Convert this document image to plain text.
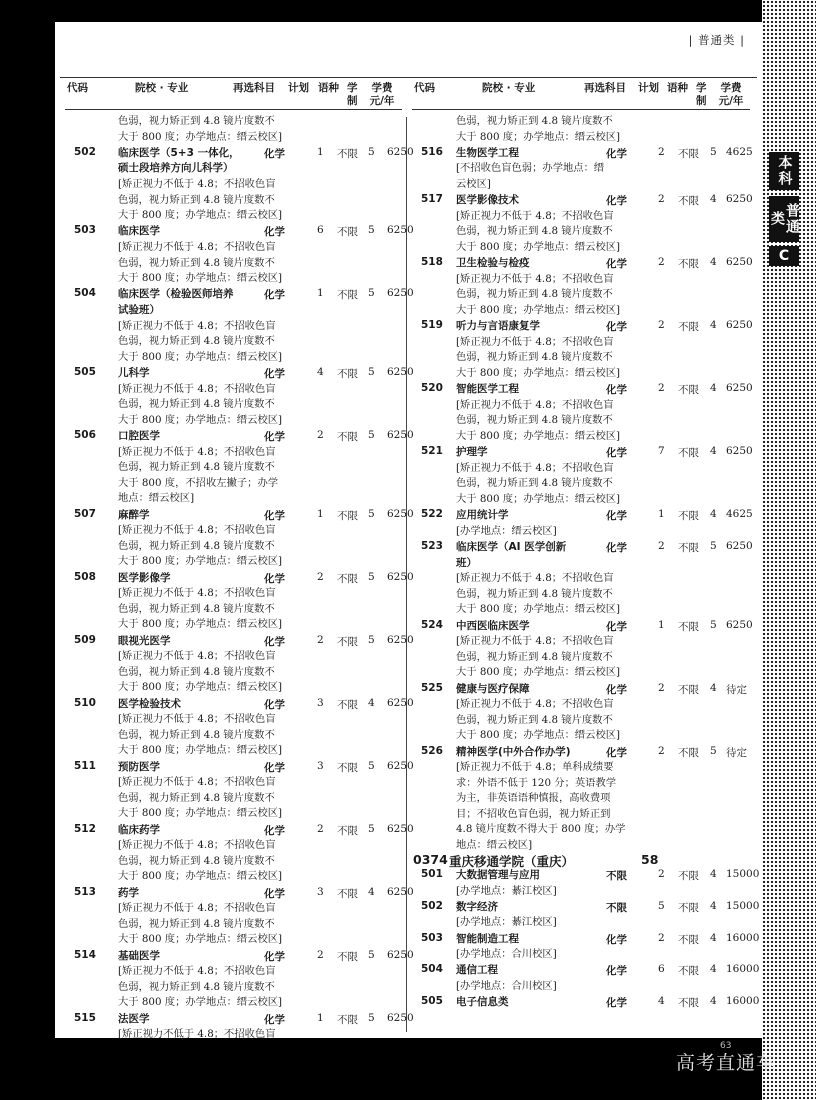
| 普通类 |
代码	院校 · 专业	再选科目 计划 语种 学制
学费 元/年
代码	院校 · 专业	再选科目 计划 语种 学制
学费 元/年
色弱，视力矫正到 4.8 镜片度数不
大于 800 度；办学地点：缙云校区]
502 临床医学（5+3 一体化，
硕士段培养方向儿科学）
化学	1 不限 5 6250
[矫正视力不低于 4.8；不招收色盲
色弱，视力矫正到 4.8 镜片度数不
大于 800 度；办学地点：缙云校区]
503 临床医学	化学	6 不限 5 6250
[矫正视力不低于 4.8；不招收色盲
色弱，视力矫正到 4.8 镜片度数不
大于 800 度；办学地点：缙云校区]
504 临床医学（检验医师培养
试验班）
化学	1 不限 5 6250
[矫正视力不低于 4.8；不招收色盲
色弱，视力矫正到 4.8 镜片度数不
大于 800 度；办学地点：缙云校区]
505 儿科学	化学	4 不限 5 6250
[矫正视力不低于 4.8；不招收色盲
色弱，视力矫正到 4.8 镜片度数不
大于 800 度；办学地点：缙云校区]
506 口腔医学	化学	2 不限 5 6250
[矫正视力不低于 4.8；不招收色盲
色弱，视力矫正到 4.8 镜片度数不
大于 800 度，不招收左撇子；办学
地点：缙云校区]
507 麻醉学	化学	1 不限 5 6250
[矫正视力不低于 4.8；不招收色盲
色弱，视力矫正到 4.8 镜片度数不
大于 800 度；办学地点：缙云校区]
508 医学影像学	化学	2 不限 5 6250
[矫正视力不低于 4.8；不招收色盲
色弱，视力矫正到 4.8 镜片度数不
大于 800 度；办学地点：缙云校区]
509 眼视光医学	化学	2 不限 5 6250
[矫正视力不低于 4.8；不招收色盲
色弱，视力矫正到 4.8 镜片度数不
大于 800 度；办学地点：缙云校区]
510 医学检验技术	化学	3 不限 4 6250
[矫正视力不低于 4.8；不招收色盲
色弱，视力矫正到 4.8 镜片度数不
大于 800 度；办学地点：缙云校区]
511 预防医学	化学	3 不限 5 6250
[矫正视力不低于 4.8；不招收色盲
色弱，视力矫正到 4.8 镜片度数不
大于 800 度；办学地点：缙云校区]
512 临床药学	化学	2 不限 5 6250
[矫正视力不低于 4.8；不招收色盲
色弱，视力矫正到 4.8 镜片度数不
大于 800 度；办学地点：缙云校区]
513 药学	化学	3 不限 4 6250
[矫正视力不低于 4.8；不招收色盲
色弱，视力矫正到 4.8 镜片度数不
大于 800 度；办学地点：缙云校区]
514 基础医学	化学	2 不限 5 6250
[矫正视力不低于 4.8；不招收色盲
色弱，视力矫正到 4.8 镜片度数不
大于 800 度；办学地点：缙云校区]
515 法医学	化学	1 不限 5 6250
[矫正视力不低于 4.8；不招收色盲
色弱，视力矫正到 4.8 镜片度数不
大于 800 度；办学地点：缙云校区]
516 生物医学工程	化学	2 不限 5 4625
[不招收色盲色弱；办学地点：缙
云校区]
517 医学影像技术	化学	2 不限 4 6250
[矫正视力不低于 4.8；不招收色盲
色弱，视力矫正到 4.8 镜片度数不
大于 800 度；办学地点：缙云校区]
518 卫生检验与检疫	化学	2 不限 4 6250
[矫正视力不低于 4.8；不招收色盲
色弱，视力矫正到 4.8 镜片度数不
大于 800 度；办学地点：缙云校区]
519 听力与言语康复学	化学	2 不限 4 6250
[矫正视力不低于 4.8；不招收色盲
色弱，视力矫正到 4.8 镜片度数不
大于 800 度；办学地点：缙云校区]
520 智能医学工程	化学	2 不限 4 6250
[矫正视力不低于 4.8；不招收色盲
色弱，视力矫正到 4.8 镜片度数不
大于 800 度；办学地点：缙云校区]
521 护理学	化学	7 不限 4 6250
[矫正视力不低于 4.8；不招收色盲
色弱，视力矫正到 4.8 镜片度数不
大于 800 度；办学地点：缙云校区]
522 应用统计学	化学	1 不限 4 4625
[办学地点：缙云校区]
523 临床医学（AI 医学创新
班）
化学	2 不限 5 6250
[矫正视力不低于 4.8；不招收色盲
色弱，视力矫正到 4.8 镜片度数不
大于 800 度；办学地点：缙云校区]
524 中西医临床医学	化学	1 不限 5 6250
[矫正视力不低于 4.8；不招收色盲
色弱，视力矫正到 4.8 镜片度数不
大于 800 度；办学地点：缙云校区]
525 健康与医疗保障	化学	2 不限 4 待定
[矫正视力不低于 4.8；不招收色盲
色弱，视力矫正到 4.8 镜片度数不
大于 800 度；办学地点：缙云校区]
526 精神医学(中外合作办学)	化学	2 不限 5 待定
[矫正视力不低于 4.8；单科成绩要
求：外语不低于 120 分；英语教学
为主，非英语语种慎报，高收费项
目；不招收色盲色弱，视力矫正到
4.8 镜片度数不得大于 800 度；办学
地点：缙云校区]
0374 重庆移通学院（重庆）	58
501 大数据管理与应用	不限	2 不限 4 15000
[办学地点：綦江校区]
502 数字经济	不限	5 不限 4 15000
[办学地点：綦江校区]
503 智能制造工程	化学	2 不限 4 16000
[办学地点：合川校区]
504 通信工程	化学	6 不限 4 16000
[办学地点：合川校区]
505 电子信息类	化学	4 不限 4 16000
本科
普通类
C
63
高考直通车
